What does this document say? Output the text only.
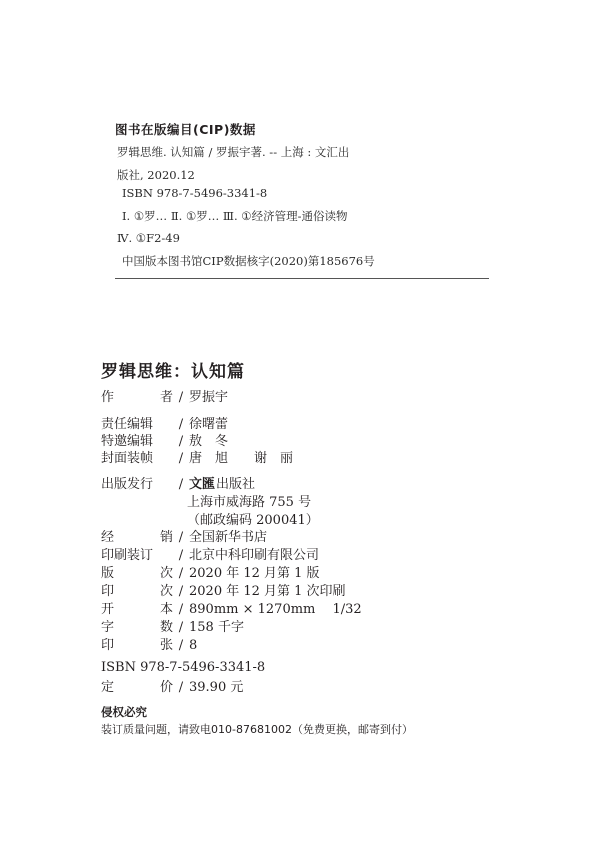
图书在版编目(CIP)数据
罗辑思维. 认知篇 / 罗振宇著. -- 上海 : 文汇出
版社, 2020.12
ISBN 978-7-5496-3341-8
Ⅰ. ①罗… Ⅱ. ①罗… Ⅲ. ①经济管理-通俗读物
Ⅳ. ①F2-49
中国版本图书馆CIP数据核字(2020)第185676号
罗辑思维：认知篇
作	者 / 罗振宇
责任编辑	/ 徐曙蕾
特邀编辑	/ 敖　冬
封面装帧	/ 唐　旭　　谢　丽
出版发行	/ 文匯出版社
上海市威海路 755 号
（邮政编码 200041）
经	销 / 全国新华书店
印刷装订	/ 北京中科印刷有限公司
版	次 / 2020 年 12 月第 1 版
印	次 / 2020 年 12 月第 1 次印刷
开	本 / 890mm × 1270mm　 1/32
字	数 / 158 千字
印	张 / 8
ISBN 978-7-5496-3341-8
定	价 / 39.90 元
侵权必究
装订质量问题，请致电010-87681002（免费更换，邮寄到付）
